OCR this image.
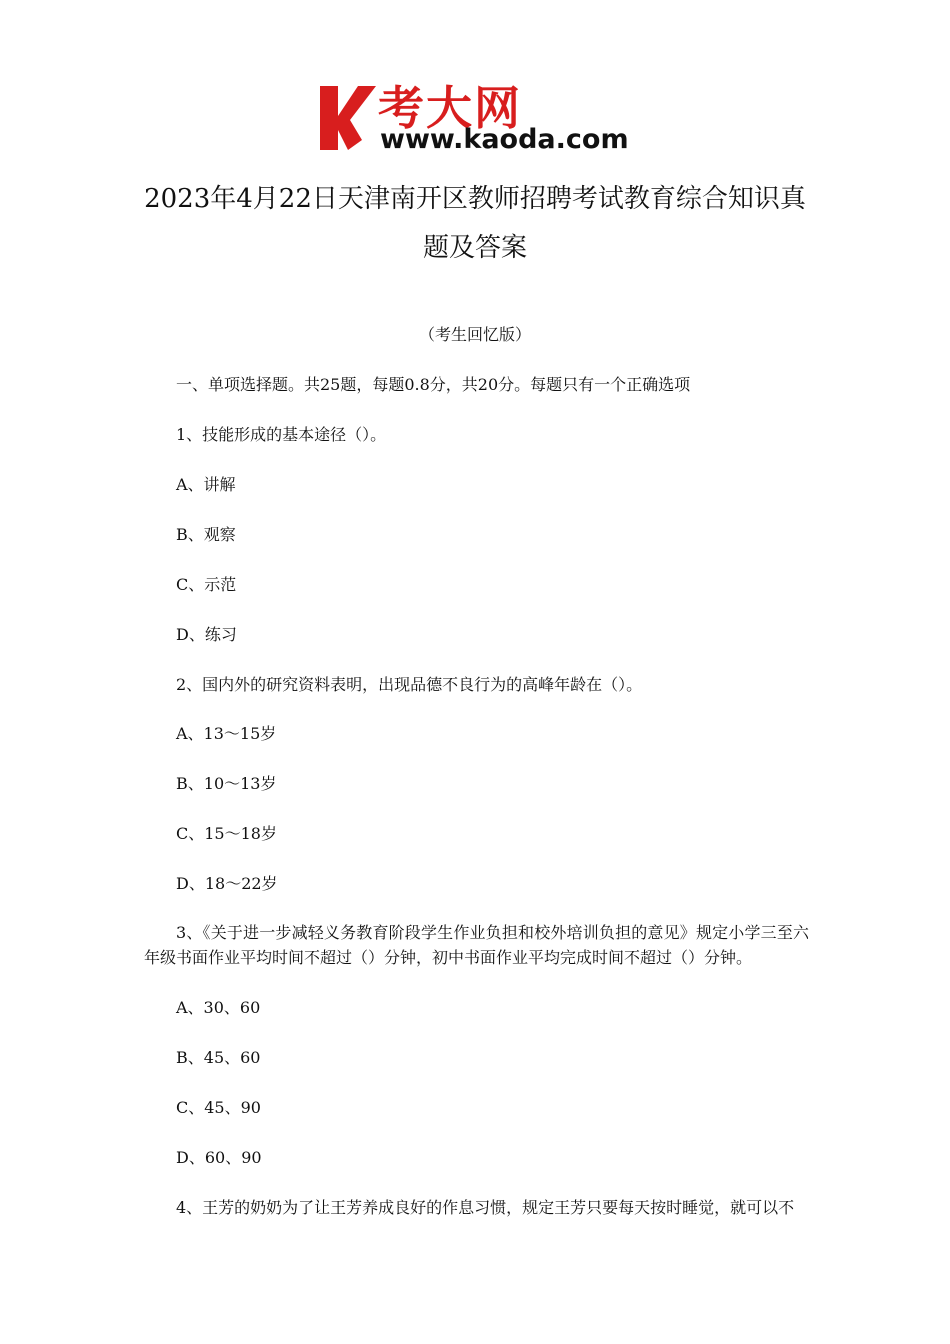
考大网
www.kaoda.com
2023年4月22日天津南开区教师招聘考试教育综合知识真
题及答案
（考生回忆版）
一、单项选择题。共25题，每题0.8分，共20分。每题只有一个正确选项
1、技能形成的基本途径（）。
A、讲解
B、观察
C、示范
D、练习
2、国内外的研究资料表明，出现品德不良行为的高峰年龄在（）。
A、13～15岁
B、10～13岁
C、15～18岁
D、18～22岁
3、《关于进一步减轻义务教育阶段学生作业负担和校外培训负担的意见》规定小学三至六年级书面作业平均时间不超过（）分钟，初中书面作业平均完成时间不超过（）分钟。
A、30、60
B、45、60
C、45、90
D、60、90
4、王芳的奶奶为了让王芳养成良好的作息习惯，规定王芳只要每天按时睡觉，就可以不
